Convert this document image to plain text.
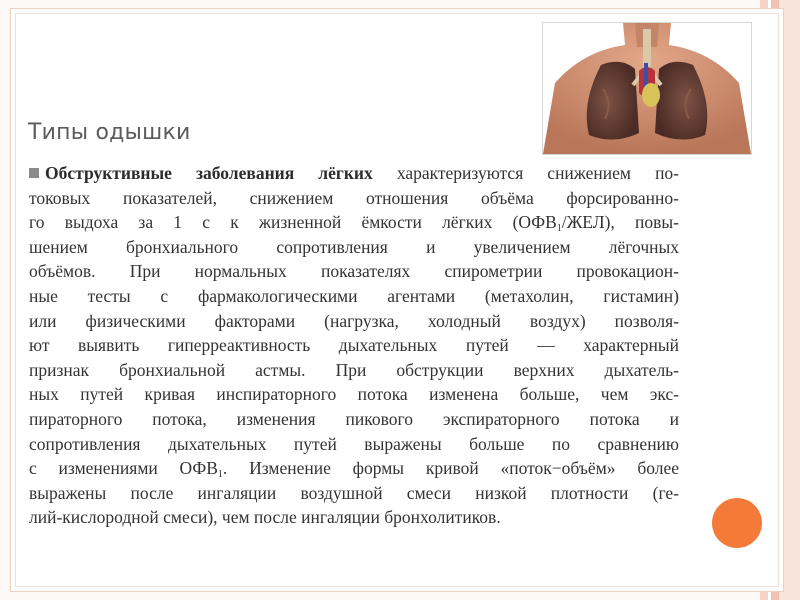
Типы одышки
Обструктивные заболевания лёгких характеризуются снижением по-
токовых показателей, снижением отношения объёма форсированно-
го выдоха за 1 с к жизненной ёмкости лёгких $(ОФВ_1/ЖЕЛ)$, повы-
шением бронхиального сопротивления и увеличением лёгочных
объёмов. При нормальных показателях спирометрии провокацион-
ные тесты с фармакологическими агентами (метахолин, гистамин)
или физическими факторами (нагрузка, холодный воздух) позволя-
ют выявить гиперреактивность дыхательных путей — характерный
признак бронхиальной астмы. При обструкции верхних дыхатель-
ных путей кривая инспираторного потока изменена больше, чем экс-
пираторного потока, изменения пикового экспираторного потока и
сопротивления дыхательных путей выражены больше по сравнению
с изменениями $ОФВ_1$. Изменение формы кривой «поток−объём» более
выражены после ингаляции воздушной смеси низкой плотности (ге-
лий-кислородной смеси), чем после ингаляции бронхолитиков.
